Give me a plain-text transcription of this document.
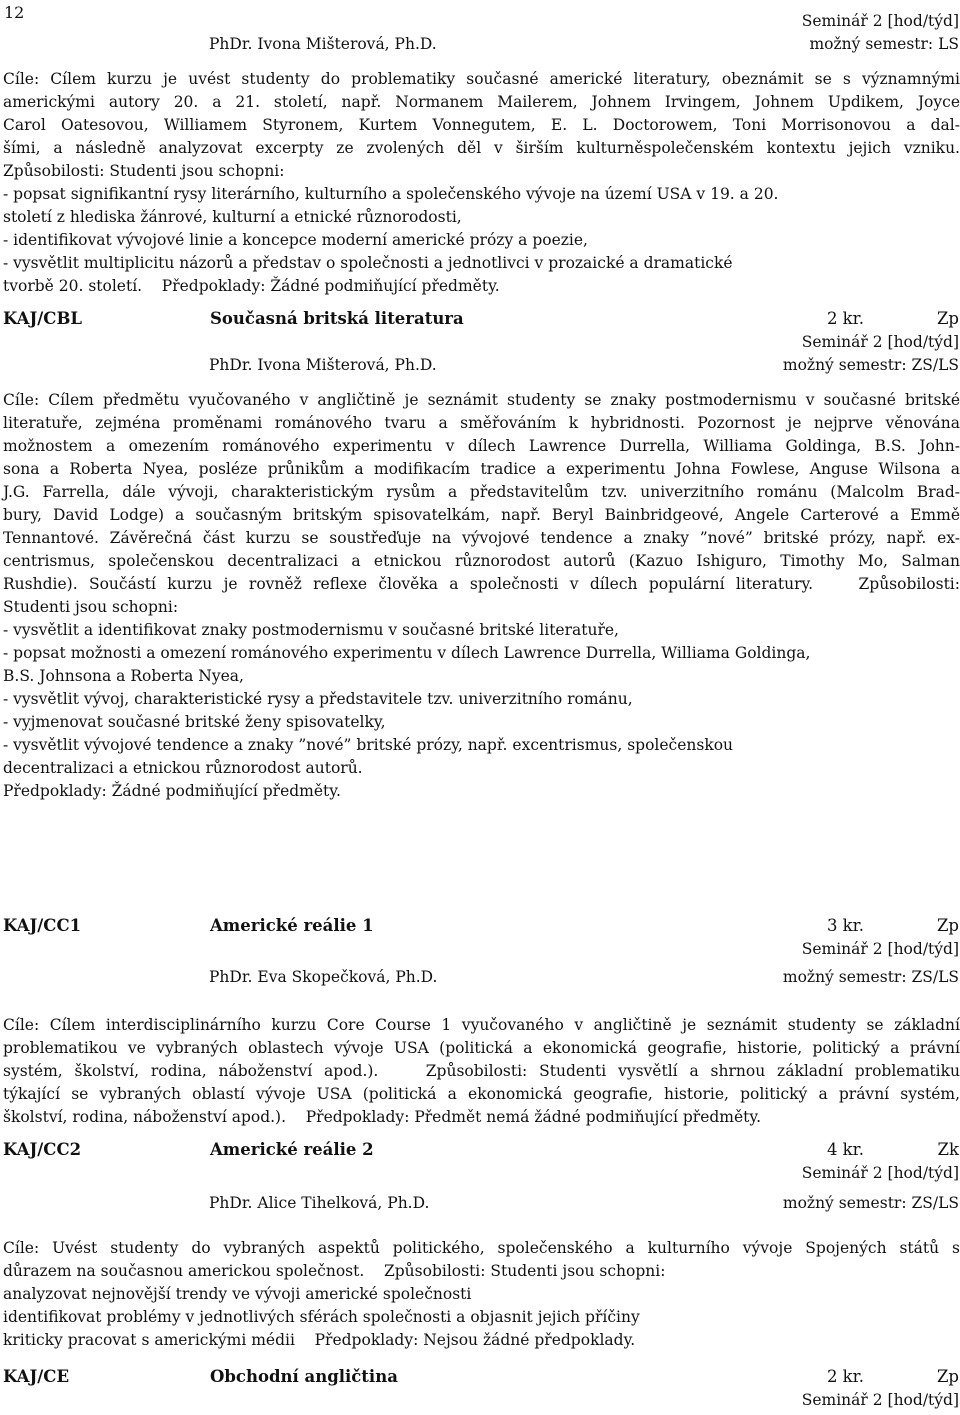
12	Seminář 2 [hod/týd]
PhDr. Ivona Mišterová, Ph.D.	možný semestr: LS
Cíle: Cílem kurzu je uvést studenty do problematiky současné americké literatury, obeznámit se s významnými
americkými autory 20. a 21. století, např. Normanem Mailerem, Johnem Irvingem, Johnem Updikem, Joyce
Carol Oatesovou, Williamem Styronem, Kurtem Vonnegutem, E. L. Doctorowem, Toni Morrisonovou a dal-
šími, a následně analyzovat excerpty ze zvolených děl v širším kulturněspolečenském kontextu jejich vzniku.
Způsobilosti: Studenti jsou schopni:
- popsat signifikantní rysy literárního, kulturního a společenského vývoje na území USA v 19. a 20.
století z hlediska žánrové, kulturní a etnické různorodosti,
- identifikovat vývojové linie a koncepce moderní americké prózy a poezie,
- vysvětlit multiplicitu názorů a představ o společnosti a jednotlivci v prozaické a dramatické
tvorbě 20. století.    Předpoklady: Žádné podmiňující předměty.
KAJ/CBL	Současná britská literatura	2 kr.	Zp
Seminář 2 [hod/týd]
PhDr. Ivona Mišterová, Ph.D.	možný semestr: ZS/LS
Cíle: Cílem předmětu vyučovaného v angličtině je seznámit studenty se znaky postmodernismu v současné britské
literatuře, zejména proměnami románového tvaru a směřováním k hybridnosti. Pozornost je nejprve věnována
možnostem a omezením románového experimentu v dílech Lawrence Durrella, Williama Goldinga, B.S. John-
sona a Roberta Nyea, posléze průnikům a modifikacím tradice a experimentu Johna Fowlese, Anguse Wilsona a
J.G. Farrella, dále vývoji, charakteristickým rysům a představitelům tzv. univerzitního románu (Malcolm Brad-
bury, David Lodge) a současným britským spisovatelkám, např. Beryl Bainbridgeové, Angele Carterové a Emmě
Tennantové. Závěrečná část kurzu se soustřeďuje na vývojové tendence a znaky ”nové” britské prózy, např. ex-
centrismus, společenskou decentralizaci a etnickou různorodost autorů (Kazuo Ishiguro, Timothy Mo, Salman
Rushdie). Součástí kurzu je rovněž reflexe člověka a společnosti v dílech populární literatury.    Způsobilosti:
Studenti jsou schopni:
- vysvětlit a identifikovat znaky postmodernismu v současné britské literatuře,
- popsat možnosti a omezení románového experimentu v dílech Lawrence Durrella, Williama Goldinga,
B.S. Johnsona a Roberta Nyea,
- vysvětlit vývoj, charakteristické rysy a představitele tzv. univerzitního románu,
- vyjmenovat současné britské ženy spisovatelky,
- vysvětlit vývojové tendence a znaky ”nové” britské prózy, např. excentrismus, společenskou
decentralizaci a etnickou různorodost autorů.
Předpoklady: Žádné podmiňující předměty.
KAJ/CC1	Americké reálie 1	3 kr.	Zp
Seminář 2 [hod/týd]
PhDr. Eva Skopečková, Ph.D.	možný semestr: ZS/LS
Cíle: Cílem interdisciplinárního kurzu Core Course 1 vyučovaného v angličtině je seznámit studenty se základní
problematikou ve vybraných oblastech vývoje USA (politická a ekonomická geografie, historie, politický a právní
systém, školství, rodina, náboženství apod.).    Způsobilosti: Studenti vysvětlí a shrnou základní problematiku
týkající se vybraných oblastí vývoje USA (politická a ekonomická geografie, historie, politický a právní systém,
školství, rodina, náboženství apod.).    Předpoklady: Předmět nemá žádné podmiňující předměty.
KAJ/CC2	Americké reálie 2	4 kr.	Zk
Seminář 2 [hod/týd]
PhDr. Alice Tihelková, Ph.D.	možný semestr: ZS/LS
Cíle: Uvést studenty do vybraných aspektů politického, společenského a kulturního vývoje Spojených států s
důrazem na současnou americkou společnost.    Způsobilosti: Studenti jsou schopni:
analyzovat nejnovější trendy ve vývoji americké společnosti
identifikovat problémy v jednotlivých sférách společnosti a objasnit jejich příčiny
kriticky pracovat s americkými médii    Předpoklady: Nejsou žádné předpoklady.
KAJ/CE	Obchodní angličtina	2 kr.	Zp
Seminář 2 [hod/týd]
